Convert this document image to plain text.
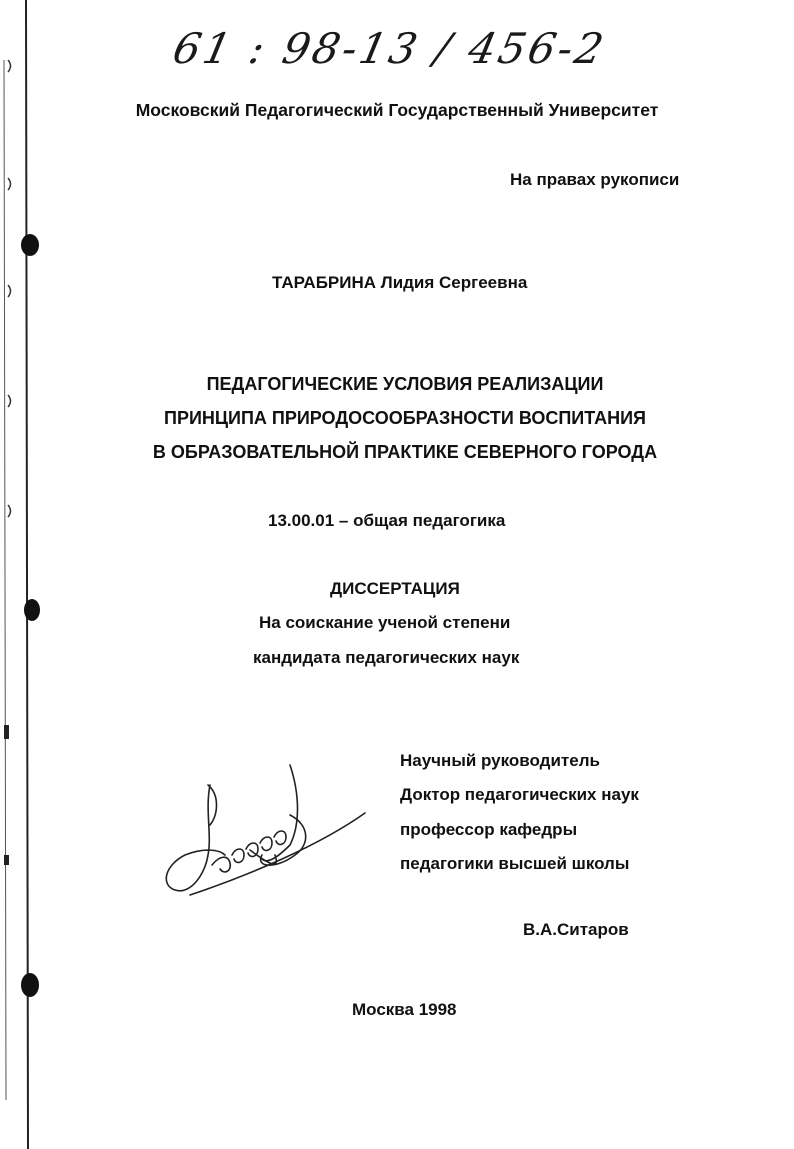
61 : 98-13 / 456-2
Московский Педагогический Государственный Университет
На правах рукописи
ТАРАБРИНА Лидия Сергеевна
ПЕДАГОГИЧЕСКИЕ УСЛОВИЯ РЕАЛИЗАЦИИ
ПРИНЦИПА ПРИРОДОСООБРАЗНОСТИ ВОСПИТАНИЯ
В ОБРАЗОВАТЕЛЬНОЙ ПРАКТИКЕ СЕВЕРНОГО ГОРОДА
13.00.01 – общая педагогика
ДИССЕРТАЦИЯ
На соискание ученой степени
кандидата педагогических наук
Научный руководитель
Доктор педагогических наук
профессор кафедры
педагогики высшей школы
В.А.Ситаров
Москва 1998
